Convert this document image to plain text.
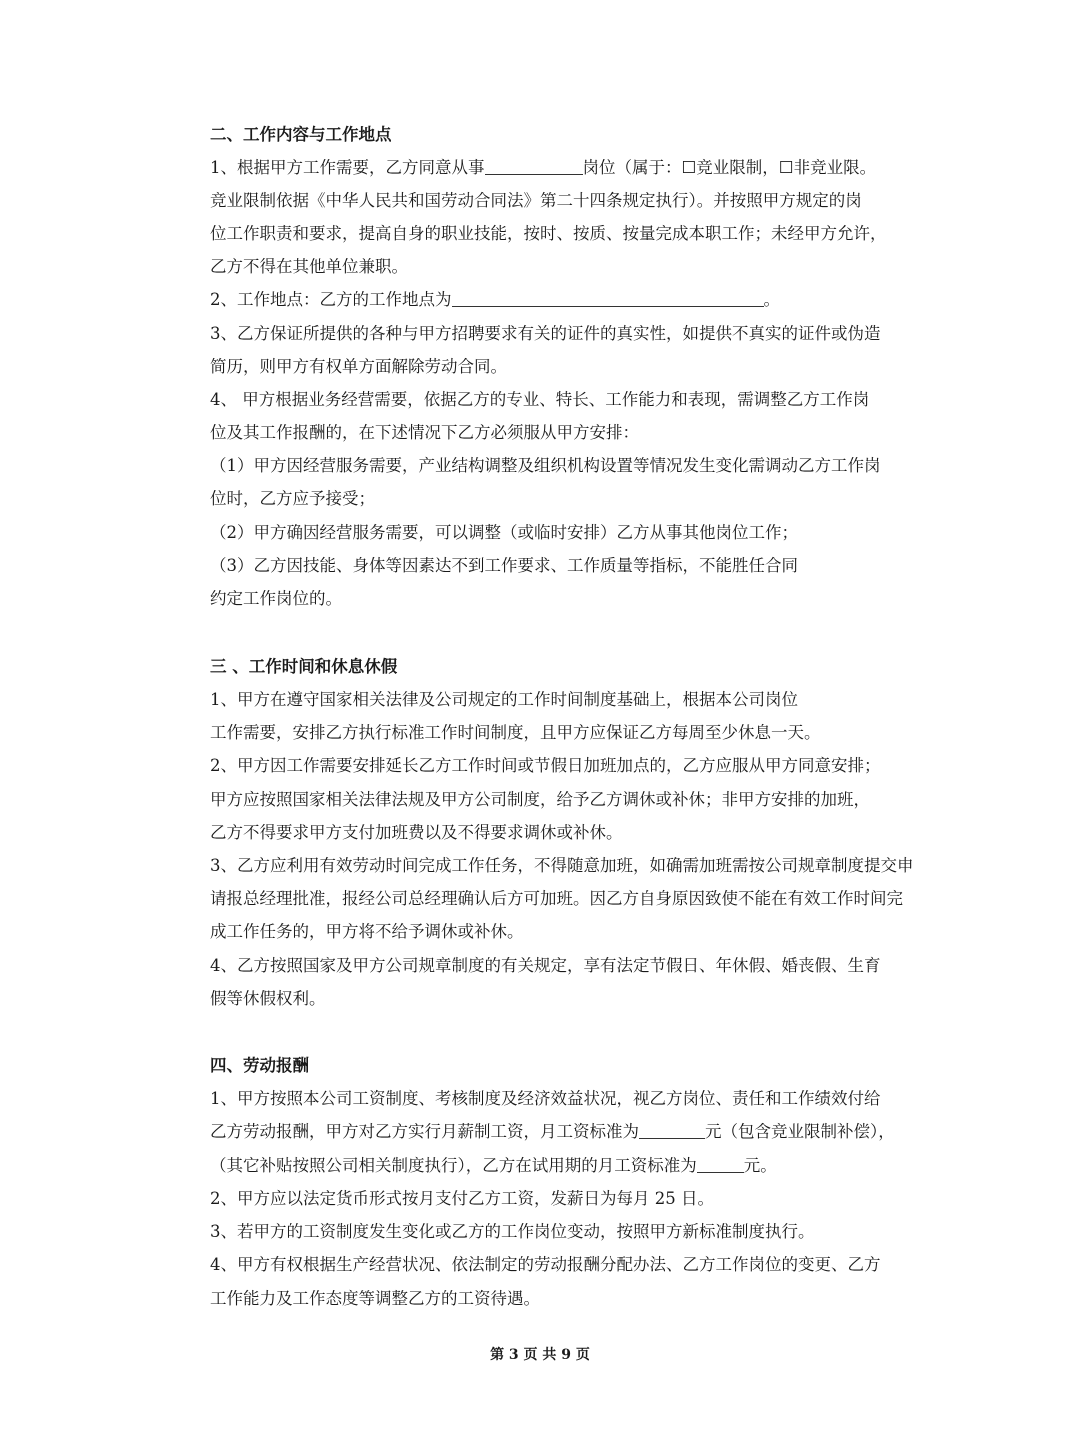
二、工作内容与工作地点
1、根据甲方工作需要，乙方同意从事	岗位（属于：☐竞业限制，☐非竞业限。
竞业限制依据《中华人民共和国劳动合同法》第二十四条规定执行）。并按照甲方规定的岗
位工作职责和要求，提高自身的职业技能，按时、按质、按量完成本职工作；未经甲方允许，
乙方不得在其他单位兼职。
2、工作地点：乙方的工作地点为	。
3、乙方保证所提供的各种与甲方招聘要求有关的证件的真实性，如提供不真实的证件或伪造
简历，则甲方有权单方面解除劳动合同。
4、 甲方根据业务经营需要，依据乙方的专业、特长、工作能力和表现，需调整乙方工作岗
位及其工作报酬的，在下述情况下乙方必须服从甲方安排：
（1）甲方因经营服务需要，产业结构调整及组织机构设置等情况发生变化需调动乙方工作岗
位时，乙方应予接受；
（2）甲方确因经营服务需要，可以调整（或临时安排）乙方从事其他岗位工作；
（3）乙方因技能、身体等因素达不到工作要求、工作质量等指标，不能胜任合同
约定工作岗位的。
三 、工作时间和休息休假
1、甲方在遵守国家相关法律及公司规定的工作时间制度基础上，根据本公司岗位
工作需要，安排乙方执行标准工作时间制度，且甲方应保证乙方每周至少休息一天。
2、甲方因工作需要安排延长乙方工作时间或节假日加班加点的，乙方应服从甲方同意安排；
甲方应按照国家相关法律法规及甲方公司制度，给予乙方调休或补休；非甲方安排的加班，
乙方不得要求甲方支付加班费以及不得要求调休或补休。
3、乙方应利用有效劳动时间完成工作任务，不得随意加班，如确需加班需按公司规章制度提交申
请报总经理批准，报经公司总经理确认后方可加班。因乙方自身原因致使不能在有效工作时间完
成工作任务的，甲方将不给予调休或补休。
4、乙方按照国家及甲方公司规章制度的有关规定，享有法定节假日、年休假、婚丧假、生育
假等休假权利。
四、劳动报酬
1、甲方按照本公司工资制度、考核制度及经济效益状况，视乙方岗位、责任和工作绩效付给
乙方劳动报酬，甲方对乙方实行月薪制工资，月工资标准为	元（包含竞业限制补偿），
（其它补贴按照公司相关制度执行），乙方在试用期的月工资标准为	元。
2、甲方应以法定货币形式按月支付乙方工资，发薪日为每月 25 日。
3、若甲方的工资制度发生变化或乙方的工作岗位变动，按照甲方新标准制度执行。
4、甲方有权根据生产经营状况、依法制定的劳动报酬分配办法、乙方工作岗位的变更、乙方
工作能力及工作态度等调整乙方的工资待遇。
第 3 页 共 9 页
